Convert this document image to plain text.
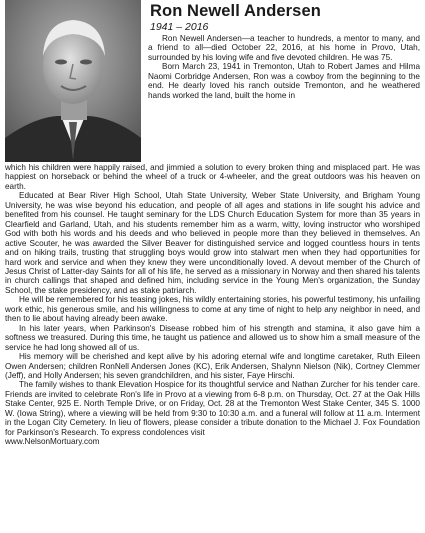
Ron Newell Andersen
1941 – 2016

Ron Newell Andersen—a teacher to hundreds, a mentor to many, and a friend to all—died October 22, 2016, at his home in Provo, Utah, surrounded by his loving wife and five devoted children. He was 75.

Born March 23, 1941 in Tremonton, Utah to Robert James and Hilma Naomi Corbridge Andersen, Ron was a cowboy from the beginning to the end. He dearly loved his ranch outside Tremonton, and he weathered hands worked the land, built the home in

which his children were happily raised, and jimmied a solution to every broken thing and misplaced part. He was happiest on horseback or behind the wheel of a truck or 4-wheeler, and the great outdoors was his heaven on earth.

Educated at Bear River High School, Utah State University, Weber State University, and Brigham Young University, he was wise beyond his education, and people of all ages and stations in life sought his advice and benefited from his counsel. He taught seminary for the LDS Church Education System for more than 35 years in Clearfield and Garland, Utah, and his students remember him as a warm, witty, loving instructor who worshiped God with both his words and his deeds and who believed in people more than they believed in themselves. An active Scouter, he was awarded the Silver Beaver for distinguished service and logged countless hours in tents and on hiking trails, trusting that struggling boys would grow into stalwart men when they had opportunities for hard work and service and when they knew they were unconditionally loved. A devout member of the Church of Jesus Christ of Latter-day Saints for all of his life, he served as a missionary in Norway and then shared his talents in church callings that shaped and defined him, including service in the Young Men's organization, the Sunday School, the stake presidency, and as stake patriarch.

He will be remembered for his teasing jokes, his wildly entertaining stories, his powerful testimony, his unfailing work ethic, his generous smile, and his willingness to come at any time of night to help any neighbor in need, and then to lie about having already been awake.

In his later years, when Parkinson's Disease robbed him of his strength and stamina, it also gave him a softness we treasured. During this time, he taught us patience and allowed us to show him a small measure of the service he had long showed all of us.

His memory will be cherished and kept alive by his adoring eternal wife and longtime caretaker, Ruth Eileen Owen Andersen; children RonNell Andersen Jones (KC), Erik Andersen, Shalynn Nielson (Nik), Cortney Clemmer (Jeff), and Holly Andersen; his seven grandchildren, and his sister, Faye Hirschi.

The family wishes to thank Elevation Hospice for its thoughtful service and Nathan Zurcher for his tender care. Friends are invited to celebrate Ron's life in Provo at a viewing from 6-8 p.m. on Thursday, Oct. 27 at the Oak Hills Stake Center, 925 E. North Temple Drive, or on Friday, Oct. 28 at the Tremonton West Stake Center, 345 S. 1000 W. (Iowa String), where a viewing will be held from 9:30 to 10:30 a.m. and a funeral will follow at 11 a.m. Interment in the Logan City Cemetery. In lieu of flowers, please consider a tribute donation to the Michael J. Fox Foundation for Parkinson's Research. To express condolences visit

www.NelsonMortuary.com
